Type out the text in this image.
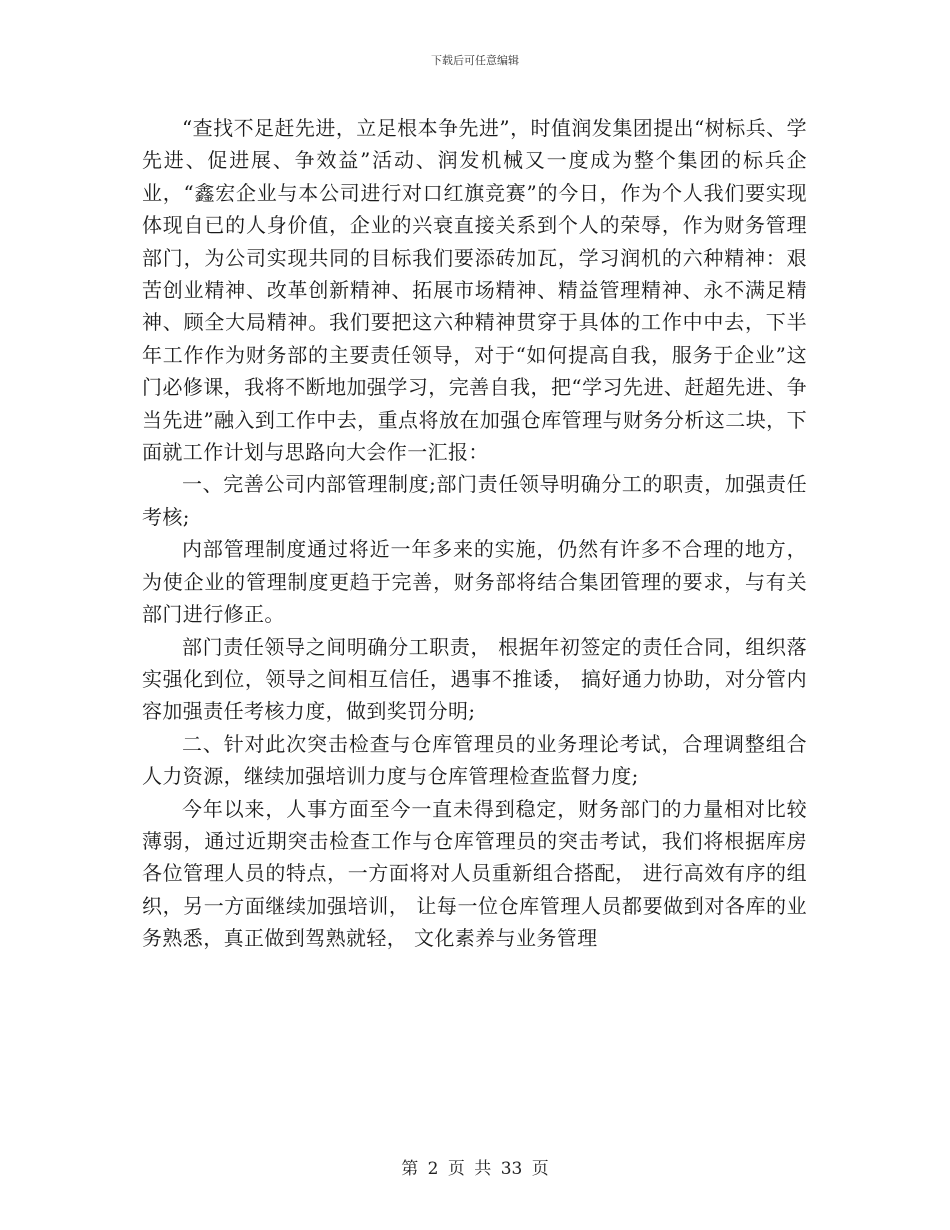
下载后可任意编辑

“查找不足赶先进，立足根本争先进”，时值润发集团提出“树标兵、学先进、促进展、争效益”活动、润发机械又一度成为整个集团的标兵企业，“鑫宏企业与本公司进行对口红旗竞赛”的今日，作为个人我们要实现体现自已的人身价值，企业的兴衰直接关系到个人的荣辱，作为财务管理部门，为公司实现共同的目标我们要添砖加瓦，学习润机的六种精神：艰苦创业精神、改革创新精神、拓展市场精神、精益管理精神、永不满足精神、顾全大局精神。我们要把这六种精神贯穿于具体的工作中中去，下半年工作作为财务部的主要责任领导，对于“如何提高自我，服务于企业”这门必修课，我将不断地加强学习，完善自我，把“学习先进、赶超先进、争当先进”融入到工作中去，重点将放在加强仓库管理与财务分析这二块，下面就工作计划与思路向大会作一汇报：

一、完善公司内部管理制度;部门责任领导明确分工的职责，加强责任考核;

内部管理制度通过将近一年多来的实施，仍然有许多不合理的地方，为使企业的管理制度更趋于完善，财务部将结合集团管理的要求，与有关部门进行修正。

部门责任领导之间明确分工职责， 根据年初签定的责任合同，组织落实强化到位，领导之间相互信任，遇事不推诿， 搞好通力协助，对分管内容加强责任考核力度，做到奖罚分明;

二、针对此次突击检查与仓库管理员的业务理论考试，合理调整组合人力资源，继续加强培训力度与仓库管理检查监督力度;

今年以来，人事方面至今一直未得到稳定，财务部门的力量相对比较薄弱，通过近期突击检查工作与仓库管理员的突击考试，我们将根据库房各位管理人员的特点，一方面将对人员重新组合搭配， 进行高效有序的组织，另一方面继续加强培训， 让每一位仓库管理人员都要做到对各库的业务熟悉，真正做到驾熟就轻， 文化素养与业务管理

第 2 页 共 33 页
